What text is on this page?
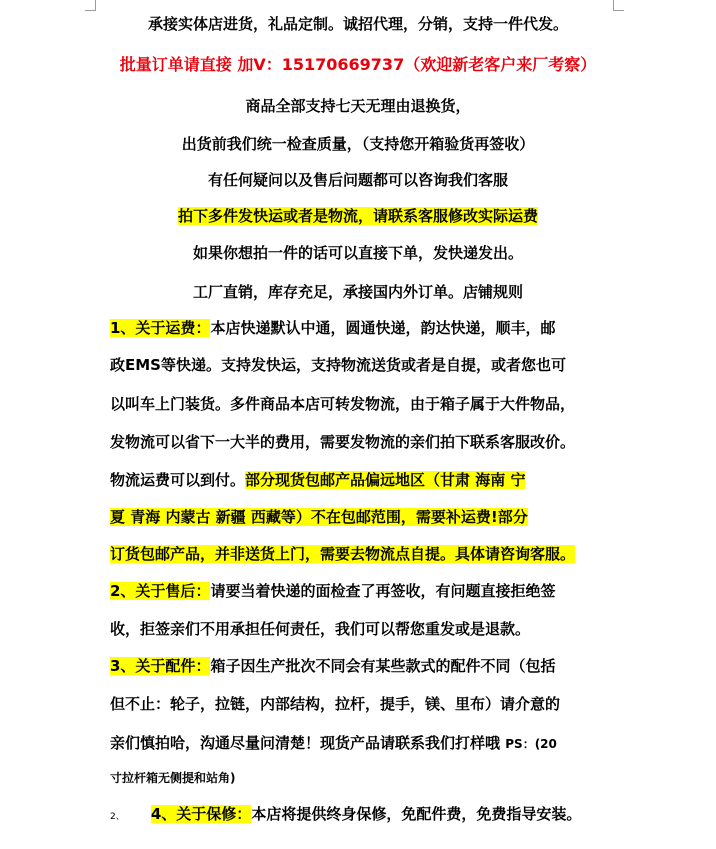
承接实体店进货，礼品定制。诚招代理，分销，支持一件代发。
批量订单请直接 加V：15170669737（欢迎新老客户来厂考察）
商品全部支持七天无理由退换货，
出货前我们统一检查质量，（支持您开箱验货再签收）
有任何疑问以及售后问题都可以咨询我们客服
拍下多件发快运或者是物流，请联系客服修改实际运费
如果你想拍一件的话可以直接下单，发快递发出。
工厂直销，库存充足，承接国内外订单。店铺规则
1、关于运费：本店快递默认中通，圆通快递，韵达快递，顺丰，邮
政EMS等快递。支持发快运，支持物流送货或者是自提，或者您也可
以叫车上门装货。多件商品本店可转发物流，由于箱子属于大件物品，
发物流可以省下一大半的费用，需要发物流的亲们拍下联系客服改价。
物流运费可以到付。部分现货包邮产品偏远地区（甘肃 海南 宁
夏 青海 内蒙古 新疆 西藏等）不在包邮范围，需要补运费!部分
订货包邮产品，并非送货上门，需要去物流点自提。具体请咨询客服。
2、关于售后：请要当着快递的面检查了再签收，有问题直接拒绝签
收，拒签亲们不用承担任何责任，我们可以帮您重发或是退款。
3、关于配件：箱子因生产批次不同会有某些款式的配件不同（包括
但不止：轮子，拉链，内部结构，拉杆，提手，镁、里布）请介意的
亲们慎拍哈，沟通尽量问清楚！现货产品请联系我们打样哦 PS：(20
寸拉杆箱无侧提和站角)
2、 4、关于保修：本店将提供终身保修，免配件费，免费指导安装。
